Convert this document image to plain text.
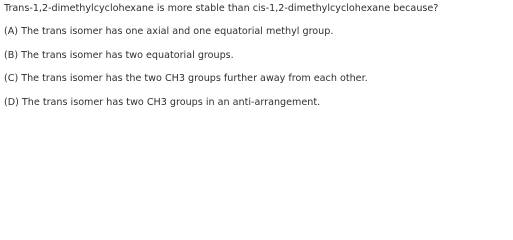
Trans-1,2-dimethylcyclohexane is more stable than cis-1,2-dimethylcyclohexane because?
(A) The trans isomer has one axial and one equatorial methyl group.
(B) The trans isomer has two equatorial groups.
(C) The trans isomer has the two CH3 groups further away from each other.
(D) The trans isomer has two CH3 groups in an anti-arrangement.
